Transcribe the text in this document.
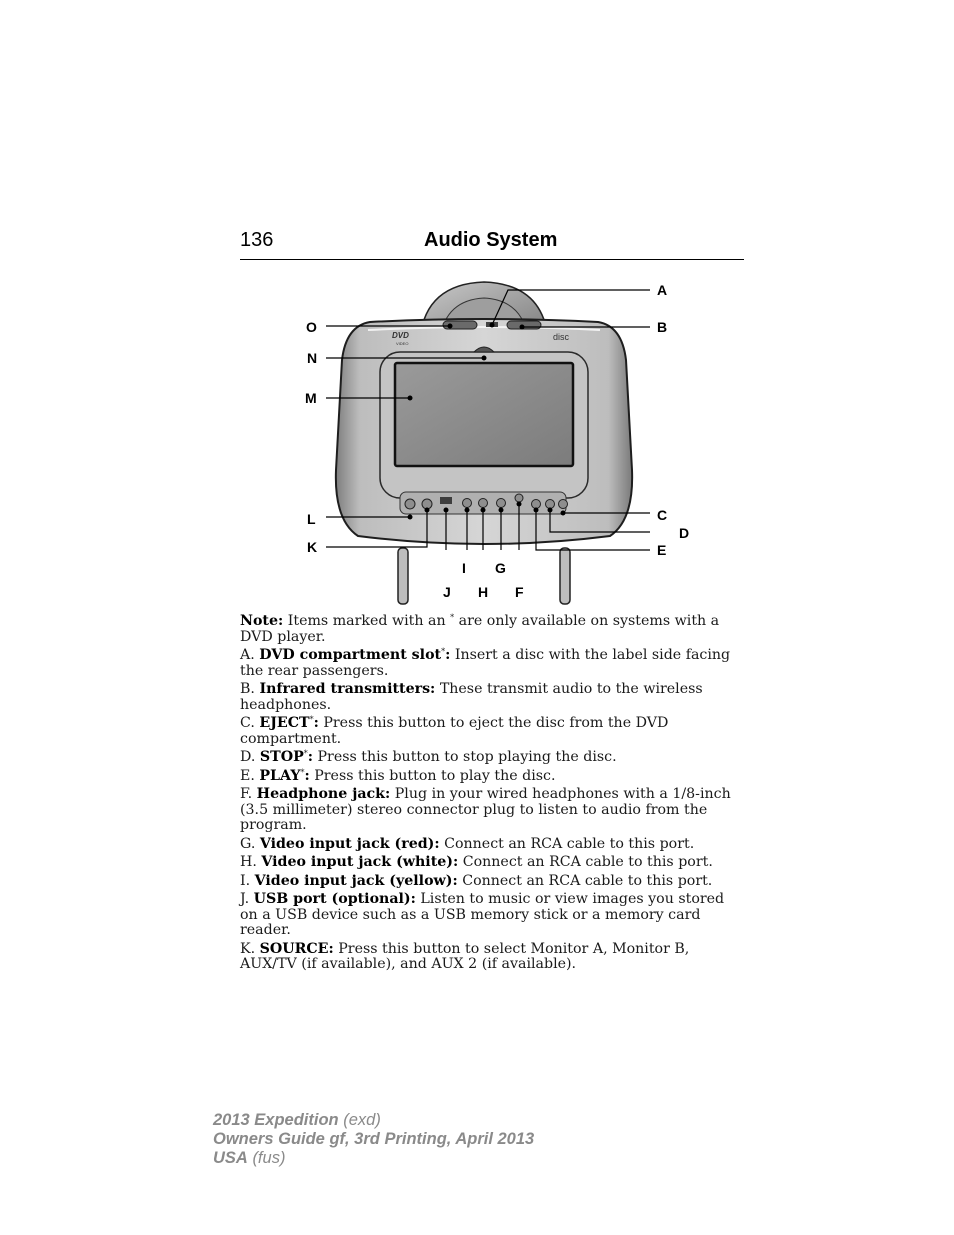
136	Audio System
DVD
VIDEO
disc
A
B
C
D
E
F
G
H
I
J
K
L
M
N
O

Note: Items marked with an * are only available on systems with a DVD player.

A. DVD compartment slot*: Insert a disc with the label side facing the rear passengers.

B. Infrared transmitters: These transmit audio to the wireless headphones.

C. EJECT*: Press this button to eject the disc from the DVD compartment.

D. STOP*: Press this button to stop playing the disc.

E. PLAY*: Press this button to play the disc.

F. Headphone jack: Plug in your wired headphones with a 1/8-inch (3.5 millimeter) stereo connector plug to listen to audio from the program.

G. Video input jack (red): Connect an RCA cable to this port.

H. Video input jack (white): Connect an RCA cable to this port.

I. Video input jack (yellow): Connect an RCA cable to this port.

J. USB port (optional): Listen to music or view images you stored on a USB device such as a USB memory stick or a memory card reader.

K. SOURCE: Press this button to select Monitor A, Monitor B, AUX/TV (if available), and AUX 2 (if available).

2013 Expedition (exd)
Owners Guide gf, 3rd Printing, April 2013
USA (fus)
